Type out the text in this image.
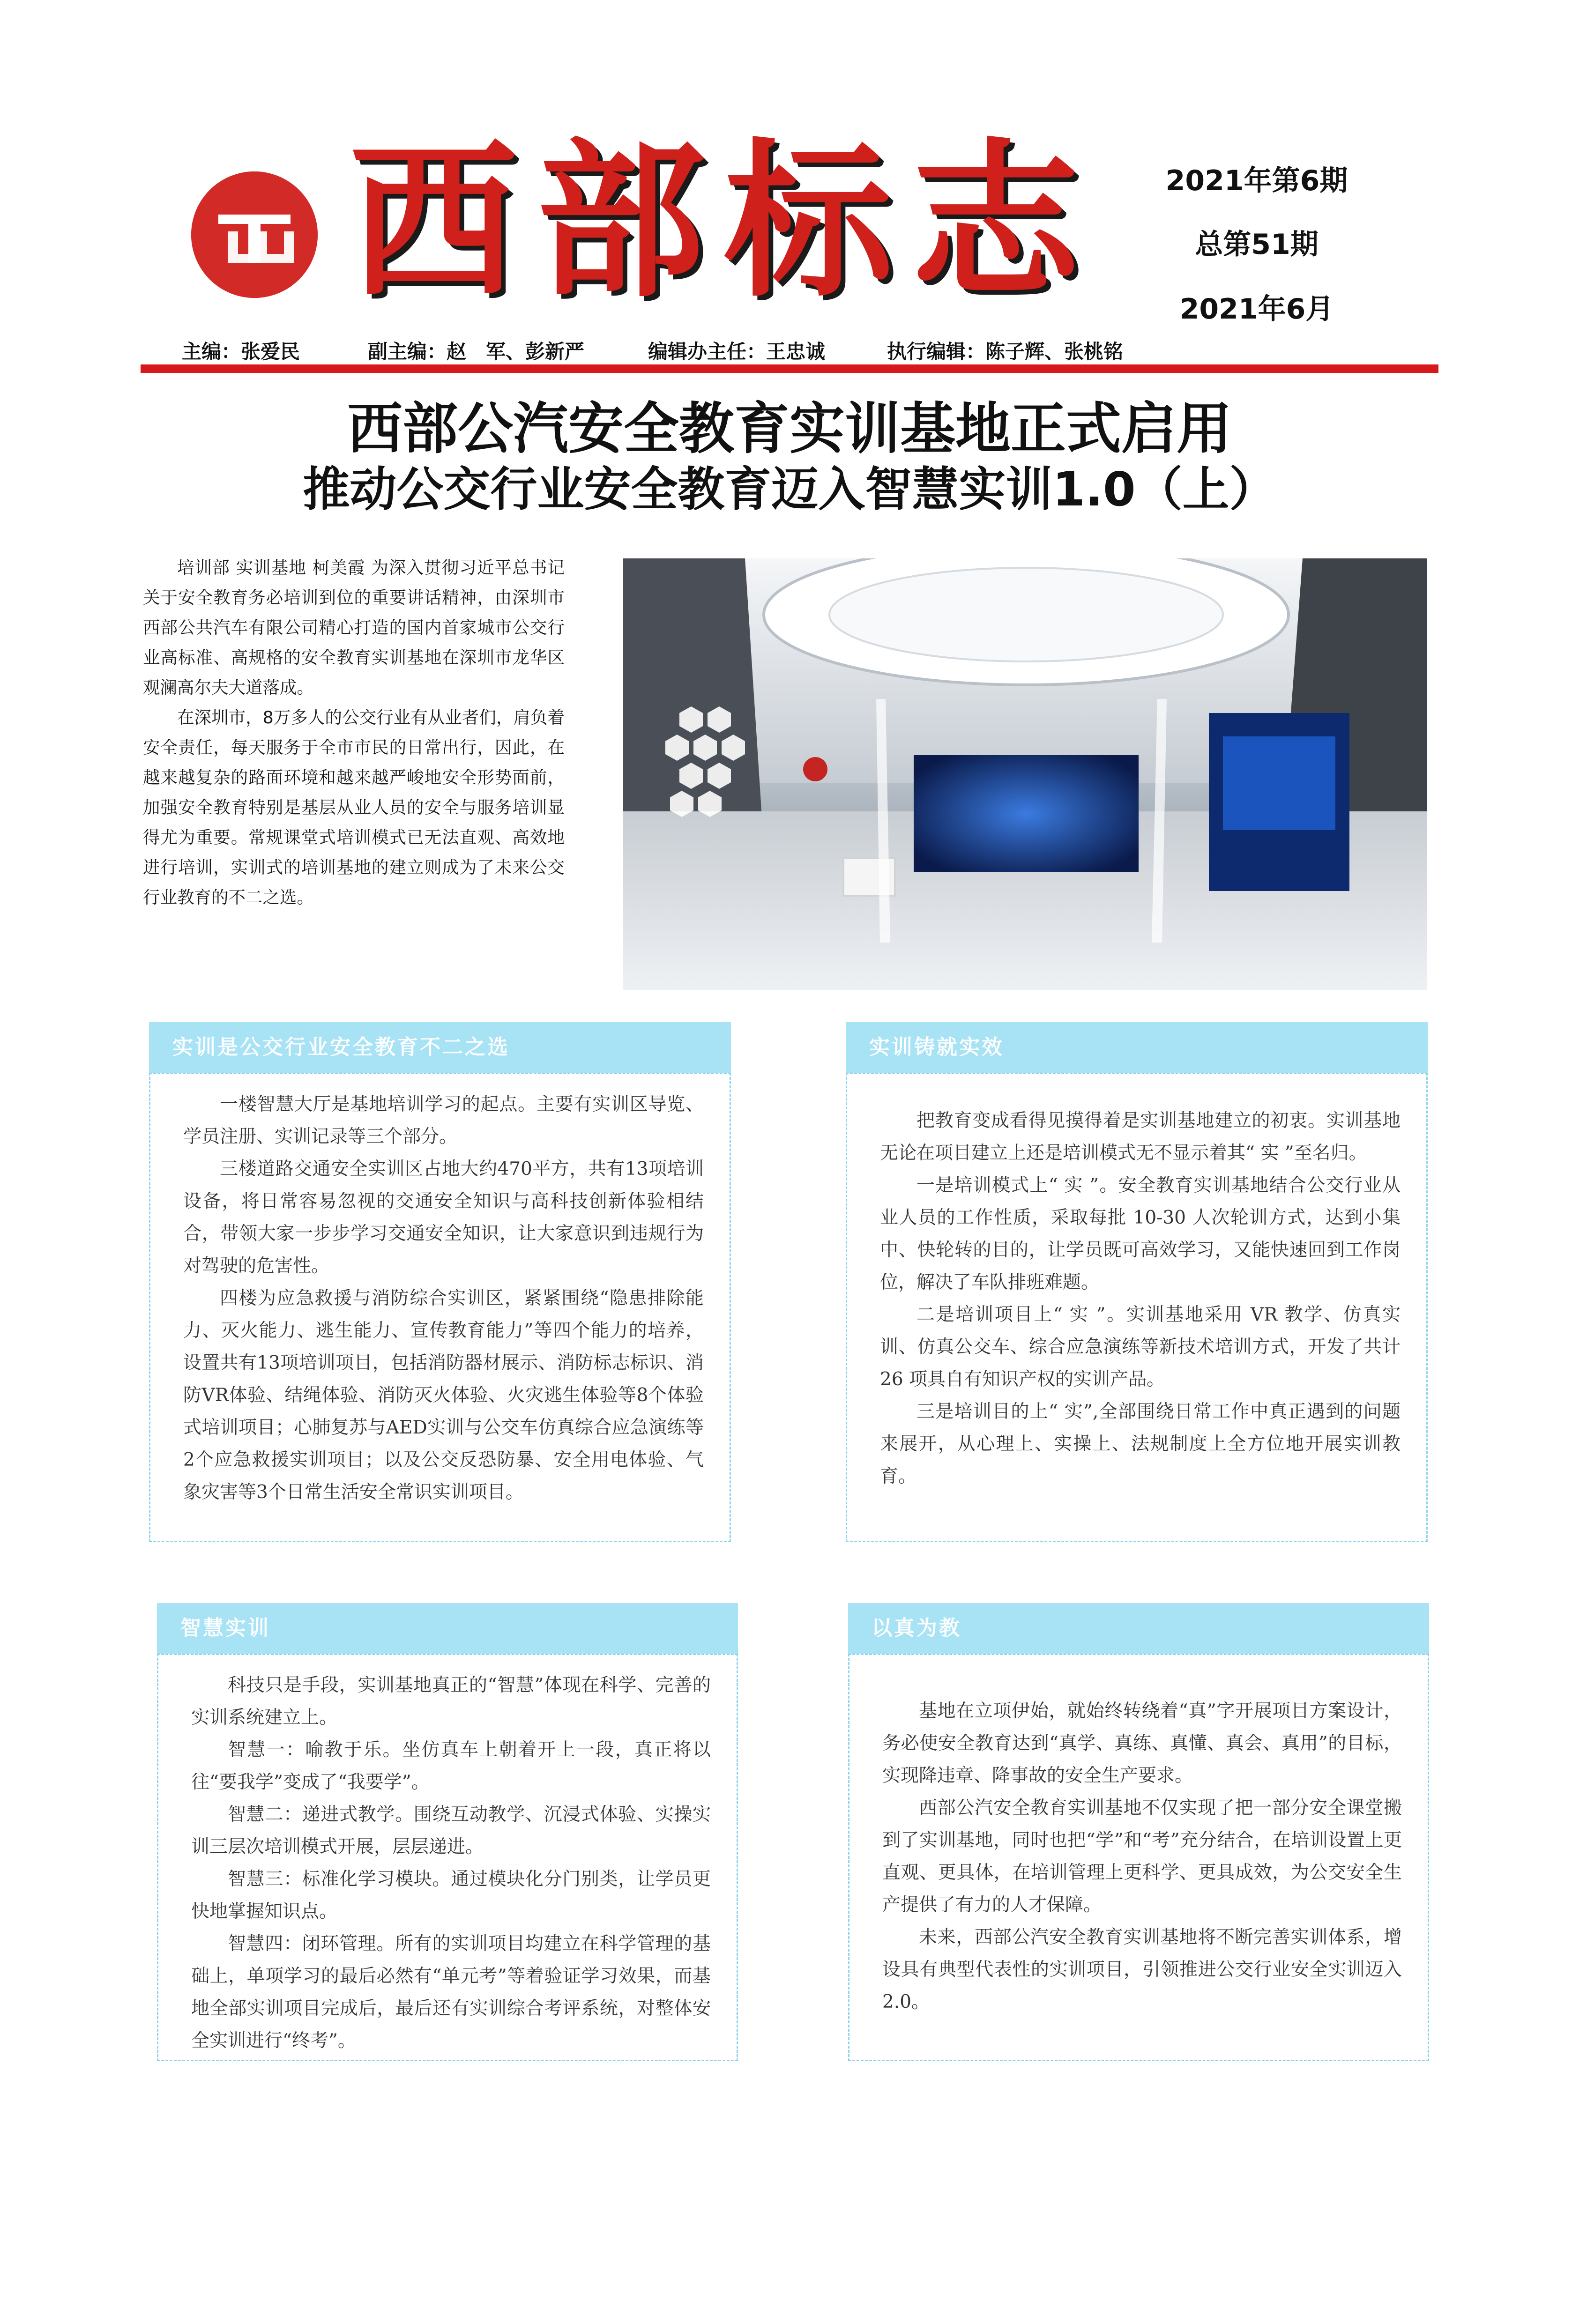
西部标志	2021年第6期
总第51期
2021年6月
主编：张爱民	副主编：赵　军、彭新严	编辑办主任：王忠诚	执行编辑：陈子辉、张桃铭
西部公汽安全教育实训基地正式启用
推动公交行业安全教育迈入智慧实训1.0（上）

培训部 实训基地 柯美霞 为深入贯彻习近平总书记关于安全教育务必培训到位的重要讲话精神，由深圳市西部公共汽车有限公司精心打造的国内首家城市公交行业高标准、高规格的安全教育实训基地在深圳市龙华区观澜高尔夫大道落成。

在深圳市，8万多人的公交行业有从业者们，肩负着安全责任，每天服务于全市市民的日常出行，因此，在越来越复杂的路面环境和越来越严峻地安全形势面前，加强安全教育特别是基层从业人员的安全与服务培训显得尤为重要。常规课堂式培训模式已无法直观、高效地进行培训，实训式的培训基地的建立则成为了未来公交行业教育的不二之选。

实训是公交行业安全教育不二之选

一楼智慧大厅是基地培训学习的起点。主要有实训区导览、学员注册、实训记录等三个部分。

三楼道路交通安全实训区占地大约470平方，共有13项培训设备，将日常容易忽视的交通安全知识与高科技创新体验相结合，带领大家一步步学习交通安全知识，让大家意识到违规行为对驾驶的危害性。

四楼为应急救援与消防综合实训区，紧紧围绕“隐患排除能力、灭火能力、逃生能力、宣传教育能力”等四个能力的培养，设置共有13项培训项目，包括消防器材展示、消防标志标识、消防VR体验、结绳体验、消防灭火体验、火灾逃生体验等8个体验式培训项目；心肺复苏与AED实训与公交车仿真综合应急演练等2个应急救援实训项目；以及公交反恐防暴、安全用电体验、气象灾害等3个日常生活安全常识实训项目。

实训铸就实效

把教育变成看得见摸得着是实训基地建立的初衷。实训基地无论在项目建立上还是培训模式无不显示着其“ 实 ”至名归。

一是培训模式上“ 实 ”。安全教育实训基地结合公交行业从业人员的工作性质，采取每批 10-30 人次轮训方式，达到小集中、快轮转的目的，让学员既可高效学习，又能快速回到工作岗位，解决了车队排班难题。

二是培训项目上“ 实 ”。实训基地采用 VR 教学、仿真实训、仿真公交车、综合应急演练等新技术培训方式，开发了共计 26 项具自有知识产权的实训产品。

三是培训目的上“ 实”,全部围绕日常工作中真正遇到的问题来展开，从心理上、实操上、法规制度上全方位地开展实训教育。

智慧实训

科技只是手段，实训基地真正的“智慧”体现在科学、完善的实训系统建立上。

智慧一：喻教于乐。坐仿真车上朝着开上一段，真正将以往“要我学”变成了“我要学”。

智慧二：递进式教学。围绕互动教学、沉浸式体验、实操实训三层次培训模式开展，层层递进。

智慧三：标准化学习模块。通过模块化分门别类，让学员更快地掌握知识点。

智慧四：闭环管理。所有的实训项目均建立在科学管理的基础上，单项学习的最后必然有“单元考”等着验证学习效果，而基地全部实训项目完成后，最后还有实训综合考评系统，对整体安全实训进行“终考”。

以真为教

基地在立项伊始，就始终转绕着“真”字开展项目方案设计，务必使安全教育达到“真学、真练、真懂、真会、真用”的目标，实现降违章、降事故的安全生产要求。

西部公汽安全教育实训基地不仅实现了把一部分安全课堂搬到了实训基地，同时也把“学”和“考”充分结合，在培训设置上更直观、更具体，在培训管理上更科学、更具成效，为公交安全生产提供了有力的人才保障。

未来，西部公汽安全教育实训基地将不断完善实训体系，增设具有典型代表性的实训项目，引领推进公交行业安全实训迈入2.0。
